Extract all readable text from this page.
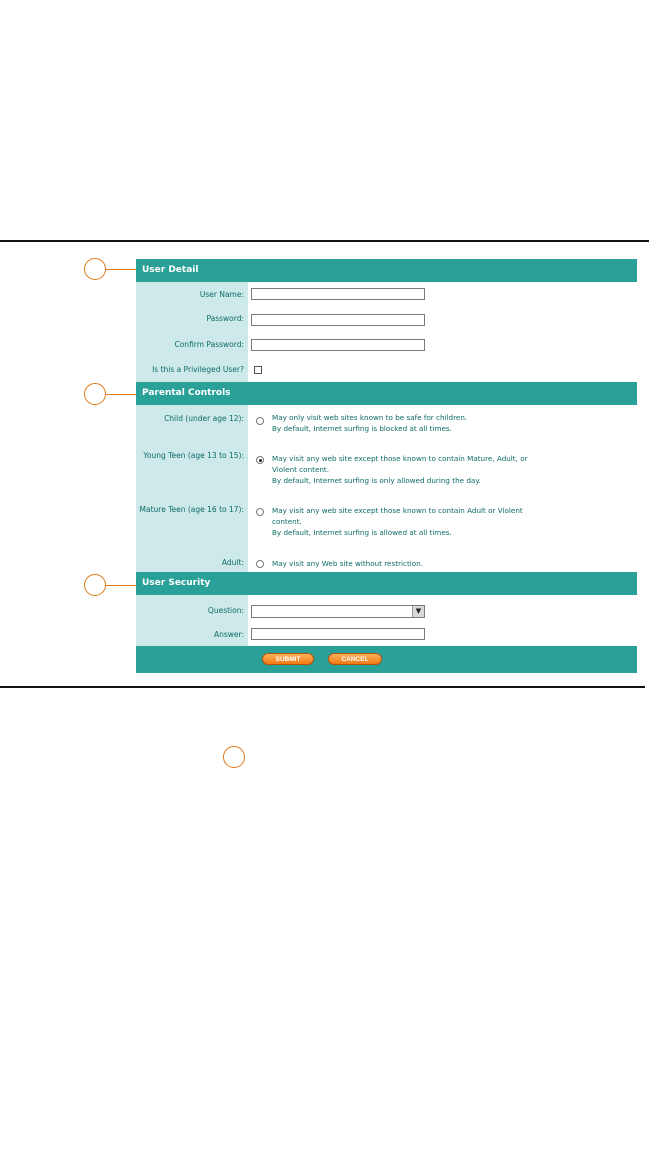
User Detail
User Name:
Password:
Confirm Password:
Is this a Privileged User?
Parental Controls
Child (under age 12):	May only visit web sites known to be safe for children.
By default, Internet surfing is blocked at all times.
Young Teen (age 13 to 15):	May visit any web site except those known to contain Mature, Adult, or
Violent content.
By default, Internet surfing is only allowed during the day.
Mature Teen (age 16 to 17):	May visit any web site except those known to contain Adult or Violent
content.
By default, Internet surfing is allowed at all times.
Adult:	May visit any Web site without restriction.
User Security
Question:	▼
Answer:
SUBMIT	CANCEL
